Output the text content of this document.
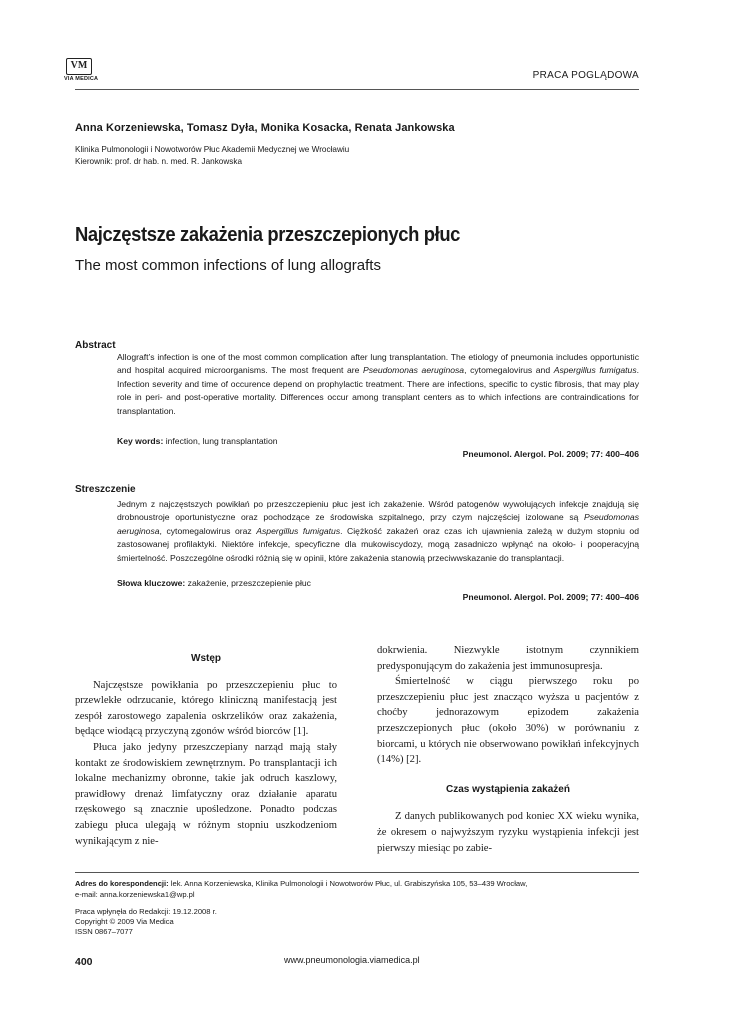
VM
VIA MEDICA	PRACA POGLĄDOWA
Anna Korzeniewska, Tomasz Dyła, Monika Kosacka, Renata Jankowska
Klinika Pulmonologii i Nowotworów Płuc Akademii Medycznej we Wrocławiu
Kierownik: prof. dr hab. n. med. R. Jankowska
Najczęstsze zakażenia przeszczepionych płuc
The most common infections of lung allografts
Abstract
Allograft’s infection is one of the most common complication after lung transplantation. The etiology of pneumonia includes opportunistic and hospital acquired microorganisms. The most frequent are Pseudomonas aeruginosa, cytomegalovirus and Aspergillus fumigatus. Infection severity and time of occurence depend on prophylactic treatment. There are infections, specific to cystic fibrosis, that may play role in peri- and post-operative mortality. Differences occur among transplant centers as to which infections are contraindications for transplantation.
Key words: infection, lung transplantation
Pneumonol. Alergol. Pol. 2009; 77: 400–406
Streszczenie
Jednym z najczęstszych powikłań po przeszczepieniu płuc jest ich zakażenie. Wśród patogenów wywołujących infekcje znajdują się drobnoustroje oportunistyczne oraz pochodzące ze środowiska szpitalnego, przy czym najczęściej izolowane są Pseudomonas aeruginosa, cytomegalowirus oraz Aspergillus fumigatus. Ciężkość zakażeń oraz czas ich ujawnienia zależą w dużym stopniu od zastosowanej profilaktyki. Niektóre infekcje, specyficzne dla mukowiscydozy, mogą zasadniczo wpłynąć na około- i pooperacyjną śmiertelność. Poszczególne ośrodki różnią się w opinii, które zakażenia stanowią przeciwwskazanie do transplantacji.
Słowa kluczowe: zakażenie, przeszczepienie płuc
Pneumonol. Alergol. Pol. 2009; 77: 400–406
Wstęp

Najczęstsze powikłania po przeszczepieniu płuc to przewlekłe odrzucanie, którego kliniczną manifestacją jest zespół zarostowego zapalenia oskrzelików oraz zakażenia, będące wiodącą przyczyną zgonów wśród biorców [1].

Płuca jako jedyny przeszczepiany narząd mają stały kontakt ze środowiskiem zewnętrznym. Po transplantacji ich lokalne mechanizmy obronne, takie jak odruch kaszlowy, prawidłowy drenaż limfatyczny oraz działanie aparatu rzęskowego są znacznie upośledzone. Ponadto podczas zabiegu płuca ulegają w różnym stopniu uszkodzeniom wynikającym z nie-

dokrwienia. Niezwykle istotnym czynnikiem predysponującym do zakażenia jest immunosupresja.

Śmiertelność w ciągu pierwszego roku po przeszczepieniu płuc jest znacząco wyższa u pacjentów z choćby jednorazowym epizodem zakażenia przeszczepionych płuc (około 30%) w porównaniu z biorcami, u których nie obserwowano powikłań infekcyjnych (14%) [2].

Czas wystąpienia zakażeń

Z danych publikowanych pod koniec XX wieku wynika, że okresem o najwyższym ryzyku wystąpienia infekcji jest pierwszy miesiąc po zabie-

Adres do korespondencji: lek. Anna Korzeniewska, Klinika Pulmonologii i Nowotworów Płuc, ul. Grabiszyńska 105, 53–439 Wrocław,
e-mail: anna.korzeniewska1@wp.pl
Praca wpłynęła do Redakcji: 19.12.2008 r.
Copyright © 2009 Via Medica
ISSN 0867–7077
400	www.pneumonologia.viamedica.pl
